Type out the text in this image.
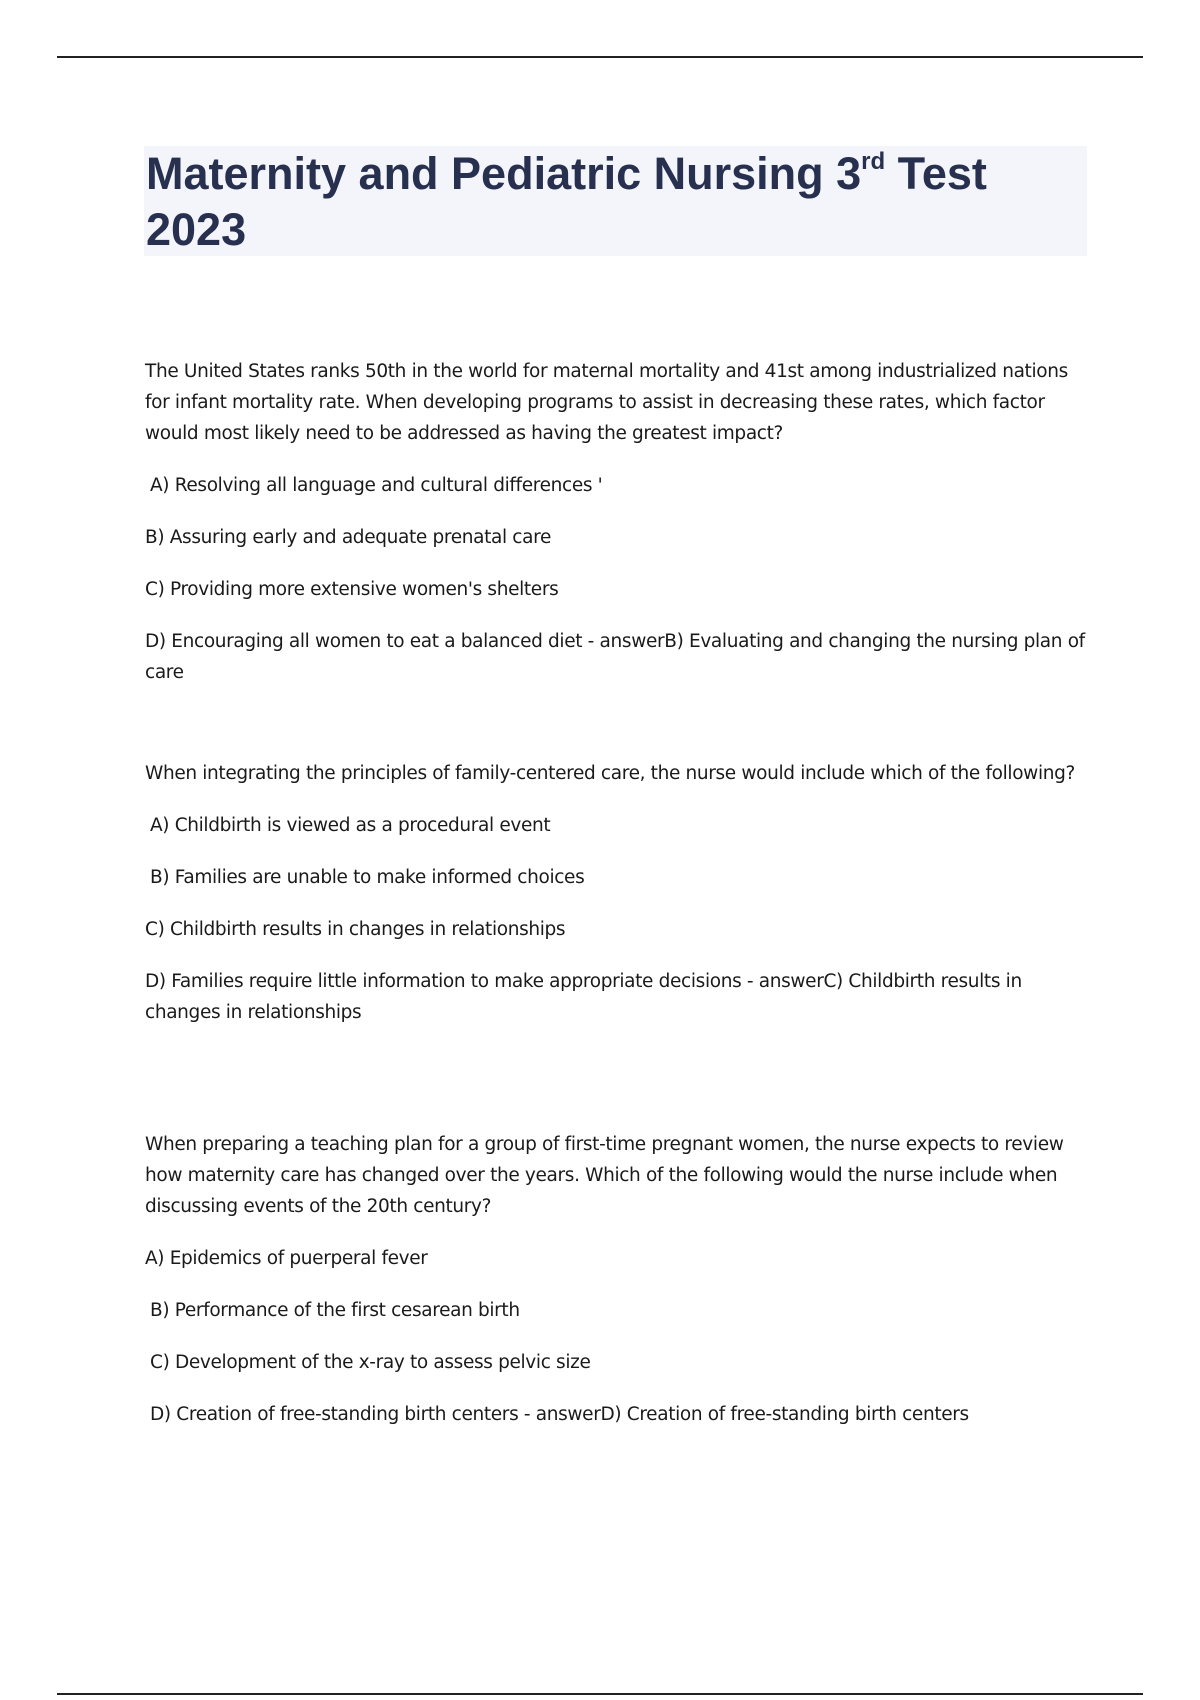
Maternity and Pediatric Nursing 3rd Test 2023

The United States ranks 50th in the world for maternal mortality and 41st among industrialized nations for infant mortality rate. When developing programs to assist in decreasing these rates, which factor would most likely need to be addressed as having the greatest impact?

A) Resolving all language and cultural differences '

B) Assuring early and adequate prenatal care

C) Providing more extensive women's shelters

D) Encouraging all women to eat a balanced diet - answerB) Evaluating and changing the nursing plan of care

When integrating the principles of family-centered care, the nurse would include which of the following?

A) Childbirth is viewed as a procedural event

B) Families are unable to make informed choices

C) Childbirth results in changes in relationships

D) Families require little information to make appropriate decisions - answerC) Childbirth results in changes in relationships

When preparing a teaching plan for a group of first-time pregnant women, the nurse expects to review how maternity care has changed over the years. Which of the following would the nurse include when discussing events of the 20th century?

A) Epidemics of puerperal fever

B) Performance of the first cesarean birth

C) Development of the x-ray to assess pelvic size

D) Creation of free-standing birth centers - answerD) Creation of free-standing birth centers
